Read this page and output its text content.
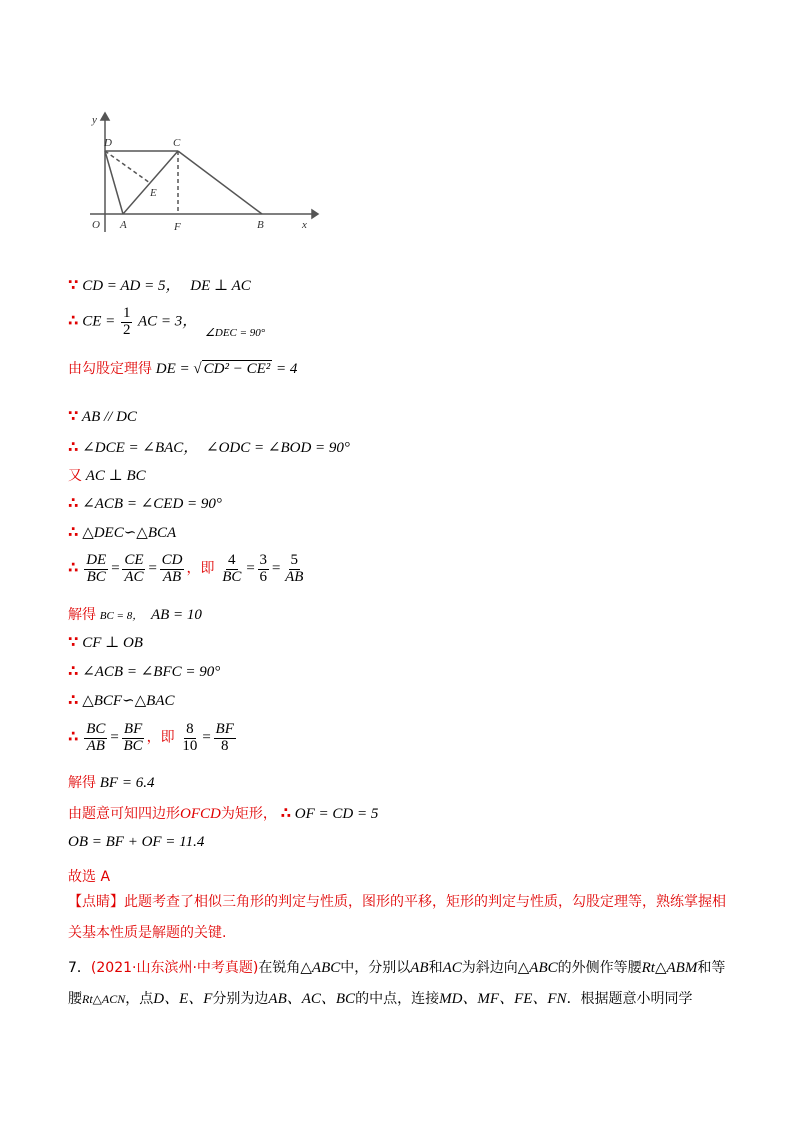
y
D	C
E
O A	F	B	x
∵ CD = AD = 5， DE ⊥ AC
∴ CE = $\frac{1}{2}$ AC = 3， $_{\angle DEC = 90^\circ}$
由勾股定理得 DE = √ CD² − CE² = 4
∵ AB // DC
∴ ∠DCE = ∠BAC， ∠ODC = ∠BOD = 90°
又 AC ⊥ BC
∴ ∠ACB = ∠CED = 90°
∴ △DEC∽△BCA
∴ $\frac{DE}{BC} = \frac{CE}{AC} = \frac{CD}{AB}$ ，即 $\frac{4}{BC} = \frac{3}{6} = \frac{5}{AB}$
解得 BC = 8， AB = 10
∵ CF ⊥ OB
∴ ∠ACB = ∠BFC = 90°
∴ △BCF∽△BAC
∴ $\frac{BC}{AB} = \frac{BF}{BC}$ ，即 $\frac{8}{10} = \frac{BF}{8}$
解得 BF = 6.4
由题意可知四边形OFCD为矩形， ∴ OF = CD = 5
OB = BF + OF = 11.4
故选 A
【点睛】此题考查了相似三角形的判定与性质，图形的平移，矩形的判定与性质，勾股定理等，熟练掌握相关基本性质是解题的关键.
7．(2021·山东滨州·中考真题)在锐角△ABC中，分别以AB和AC为斜边向△ABC的外侧作等腰Rt△ABM和等腰Rt△ACN，点D、E、F分别为边AB、AC、BC的中点，连接MD、MF、FE、FN．根据题意小明同学
